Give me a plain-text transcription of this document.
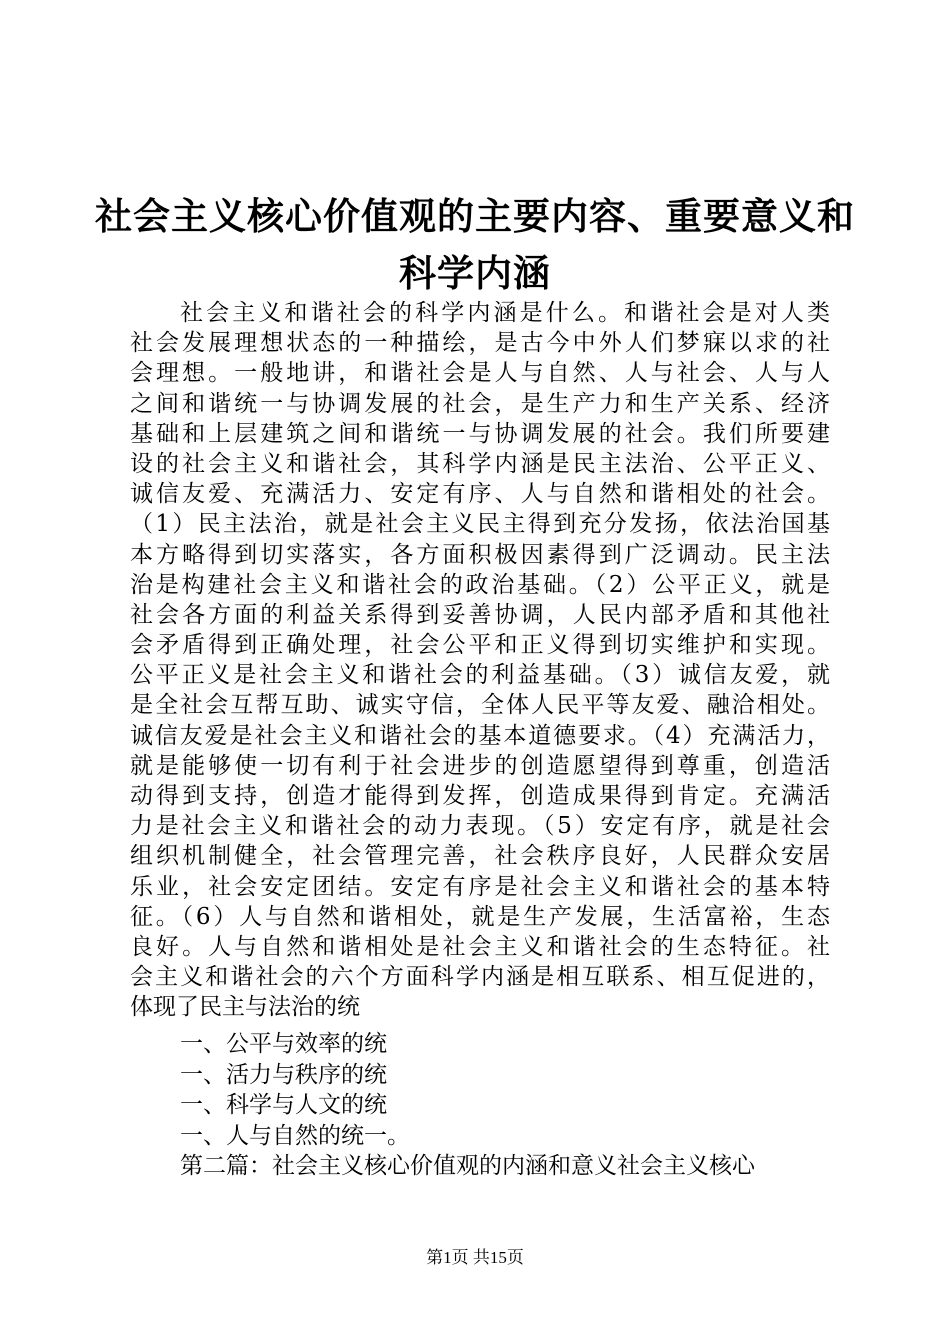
社会主义核心价值观的主要内容、重要意义和
科学内涵
社会主义和谐社会的科学内涵是什么。和谐社会是对人类
社会发展理想状态的一种描绘，是古今中外人们梦寐以求的社
会理想。一般地讲，和谐社会是人与自然、人与社会、人与人
之间和谐统一与协调发展的社会，是生产力和生产关系、经济
基础和上层建筑之间和谐统一与协调发展的社会。我们所要建
设的社会主义和谐社会，其科学内涵是民主法治、公平正义、
诚信友爱、充满活力、安定有序、人与自然和谐相处的社会。
（1）民主法治，就是社会主义民主得到充分发扬，依法治国基
本方略得到切实落实，各方面积极因素得到广泛调动。民主法
治是构建社会主义和谐社会的政治基础。（2）公平正义，就是
社会各方面的利益关系得到妥善协调，人民内部矛盾和其他社
会矛盾得到正确处理，社会公平和正义得到切实维护和实现。
公平正义是社会主义和谐社会的利益基础。（3）诚信友爱，就
是全社会互帮互助、诚实守信，全体人民平等友爱、融洽相处。
诚信友爱是社会主义和谐社会的基本道德要求。（4）充满活力，
就是能够使一切有利于社会进步的创造愿望得到尊重，创造活
动得到支持，创造才能得到发挥，创造成果得到肯定。充满活
力是社会主义和谐社会的动力表现。（5）安定有序，就是社会
组织机制健全，社会管理完善，社会秩序良好，人民群众安居
乐业，社会安定团结。安定有序是社会主义和谐社会的基本特
征。（6）人与自然和谐相处，就是生产发展，生活富裕，生态
良好。人与自然和谐相处是社会主义和谐社会的生态特征。社
会主义和谐社会的六个方面科学内涵是相互联系、相互促进的，
体现了民主与法治的统
一、公平与效率的统
一、活力与秩序的统
一、科学与人文的统
一、人与自然的统一。
第二篇：社会主义核心价值观的内涵和意义社会主义核心
第1页 共15页
